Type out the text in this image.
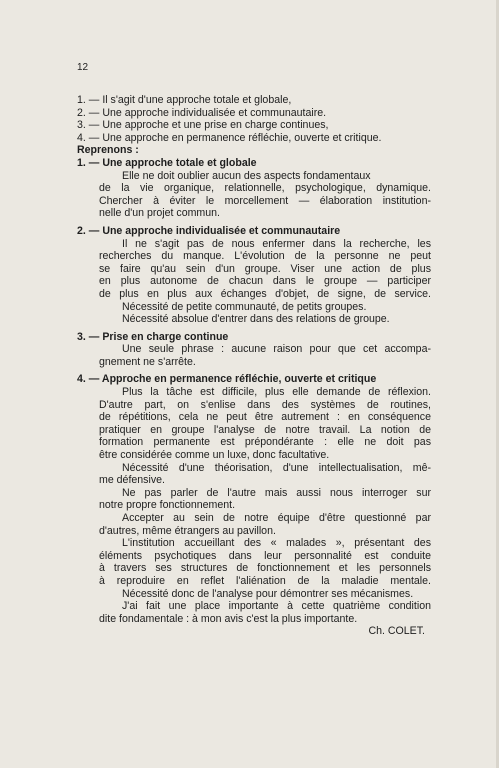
12
1. — Il s'agit d'une approche totale et globale,
2. — Une approche individualisée et communautaire.
3. — Une approche et une prise en charge continues,
4. — Une approche en permanence réfléchie, ouverte et critique.
Reprenons :
1. — Une approche totale et globale
Elle ne doit oublier aucun des aspects fondamentaux
de la vie organique, relationnelle, psychologique, dynamique.
Chercher à éviter le morcellement — élaboration institution-
nelle d'un projet commun.
2. — Une approche individualisée et communautaire
Il ne s'agit pas de nous enfermer dans la recherche, les
recherches du manque. L'évolution de la personne ne peut
se faire qu'au sein d'un groupe. Viser une action de plus
en plus autonome de chacun dans le groupe — participer
de plus en plus aux échanges d'objet, de signe, de service.
Nécessité de petite communauté, de petits groupes.
Nécessité absolue d'entrer dans des relations de groupe.
3. — Prise en charge continue
Une seule phrase : aucune raison pour que cet accompa-
gnement ne s'arrête.
4. — Approche en permanence réfléchie, ouverte et critique
Plus la tâche est difficile, plus elle demande de réflexion.
D'autre part, on s'enlise dans des systèmes de routines,
de répétitions, cela ne peut être autrement : en conséquence
pratiquer en groupe l'analyse de notre travail. La notion de
formation permanente est prépondérante : elle ne doit pas
être considérée comme un luxe, donc facultative.
Nécessité d'une théorisation, d'une intellectualisation, mê-
me défensive.
Ne pas parler de l'autre mais aussi nous interroger sur
notre propre fonctionnement.
Accepter au sein de notre équipe d'être questionné par
d'autres, même étrangers au pavillon.
L'institution accueillant des « malades », présentant des
éléments psychotiques dans leur personnalité est conduite
à travers ses structures de fonctionnement et les personnels
à reproduire en reflet l'aliénation de la maladie mentale.
Nécessité donc de l'analyse pour démontrer ses mécanismes.
J'ai fait une place importante à cette quatrième condition
dite fondamentale : à mon avis c'est la plus importante.
Ch. COLET.
